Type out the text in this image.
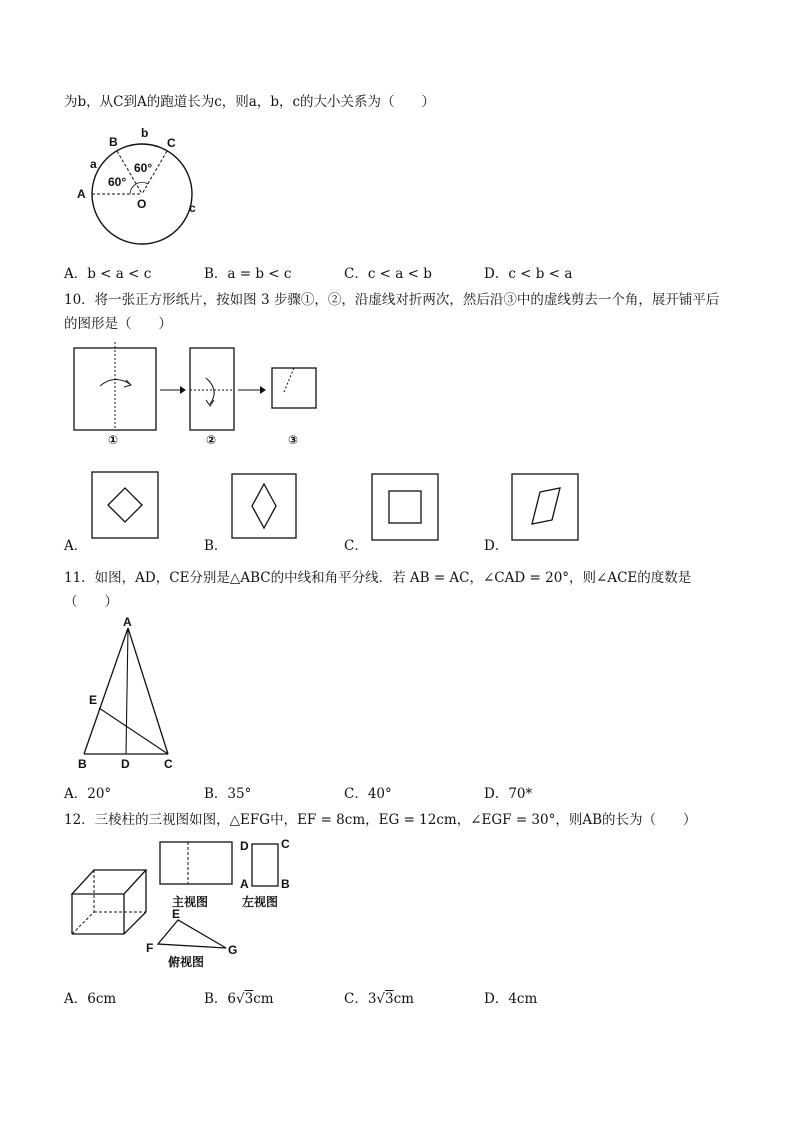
为b，从C到A的跑道长为c，则a，b，c的大小关系为（　　）
A
B	C
O
a
b
c
60°
60°
A．b < a < c	B．a = b < c	C．c < a < b	D．c < b < a
10．将一张正方形纸片，按如图 3 步骤①，②，沿虚线对折两次，然后沿③中的虚线剪去一个角，展开铺平后
的图形是（　　）
①	②	③
A．	B．	C．	D．
11．如图，AD，CE分别是△ABC的中线和角平分线．若 AB = AC，∠CAD = 20°，则∠ACE的度数是
（　　）
A
E
B	D	C
A．20°	B．35°	C．40°	D．70*
12．三棱柱的三视图如图，△EFG中，EF = 8cm，EG = 12cm，∠EGF = 30°，则AB的长为（　　）
主视图
D	C
A	B
左视图
E
F	G
俯视图
A．6cm	B．6√3cm	C．3√3cm	D．4cm
